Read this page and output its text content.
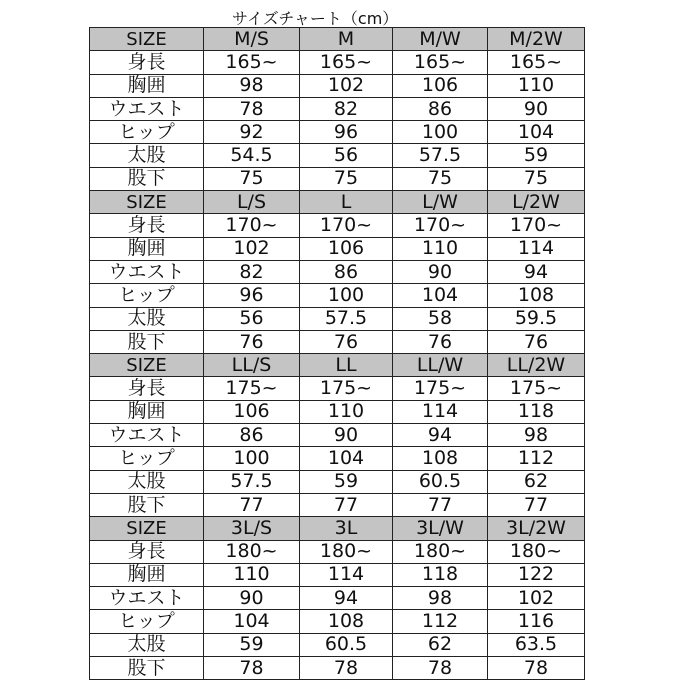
サイズチャート（cm）
SIZE	M/S	M	M/W	M/2W
身長	165~	165~	165~	165~
胸囲	98	102	106	110
ウエスト	78	82	86	90
ヒップ	92	96	100	104
太股	54.5	56	57.5	59
股下	75	75	75	75
SIZE	L/S	L	L/W	L/2W
身長	170~	170~	170~	170~
胸囲	102	106	110	114
ウエスト	82	86	90	94
ヒップ	96	100	104	108
太股	56	57.5	58	59.5
股下	76	76	76	76
SIZE	LL/S	LL	LL/W	LL/2W
身長	175~	175~	175~	175~
胸囲	106	110	114	118
ウエスト	86	90	94	98
ヒップ	100	104	108	112
太股	57.5	59	60.5	62
股下	77	77	77	77
SIZE	3L/S	3L	3L/W	3L/2W
身長	180~	180~	180~	180~
胸囲	110	114	118	122
ウエスト	90	94	98	102
ヒップ	104	108	112	116
太股	59	60.5	62	63.5
股下	78	78	78	78
